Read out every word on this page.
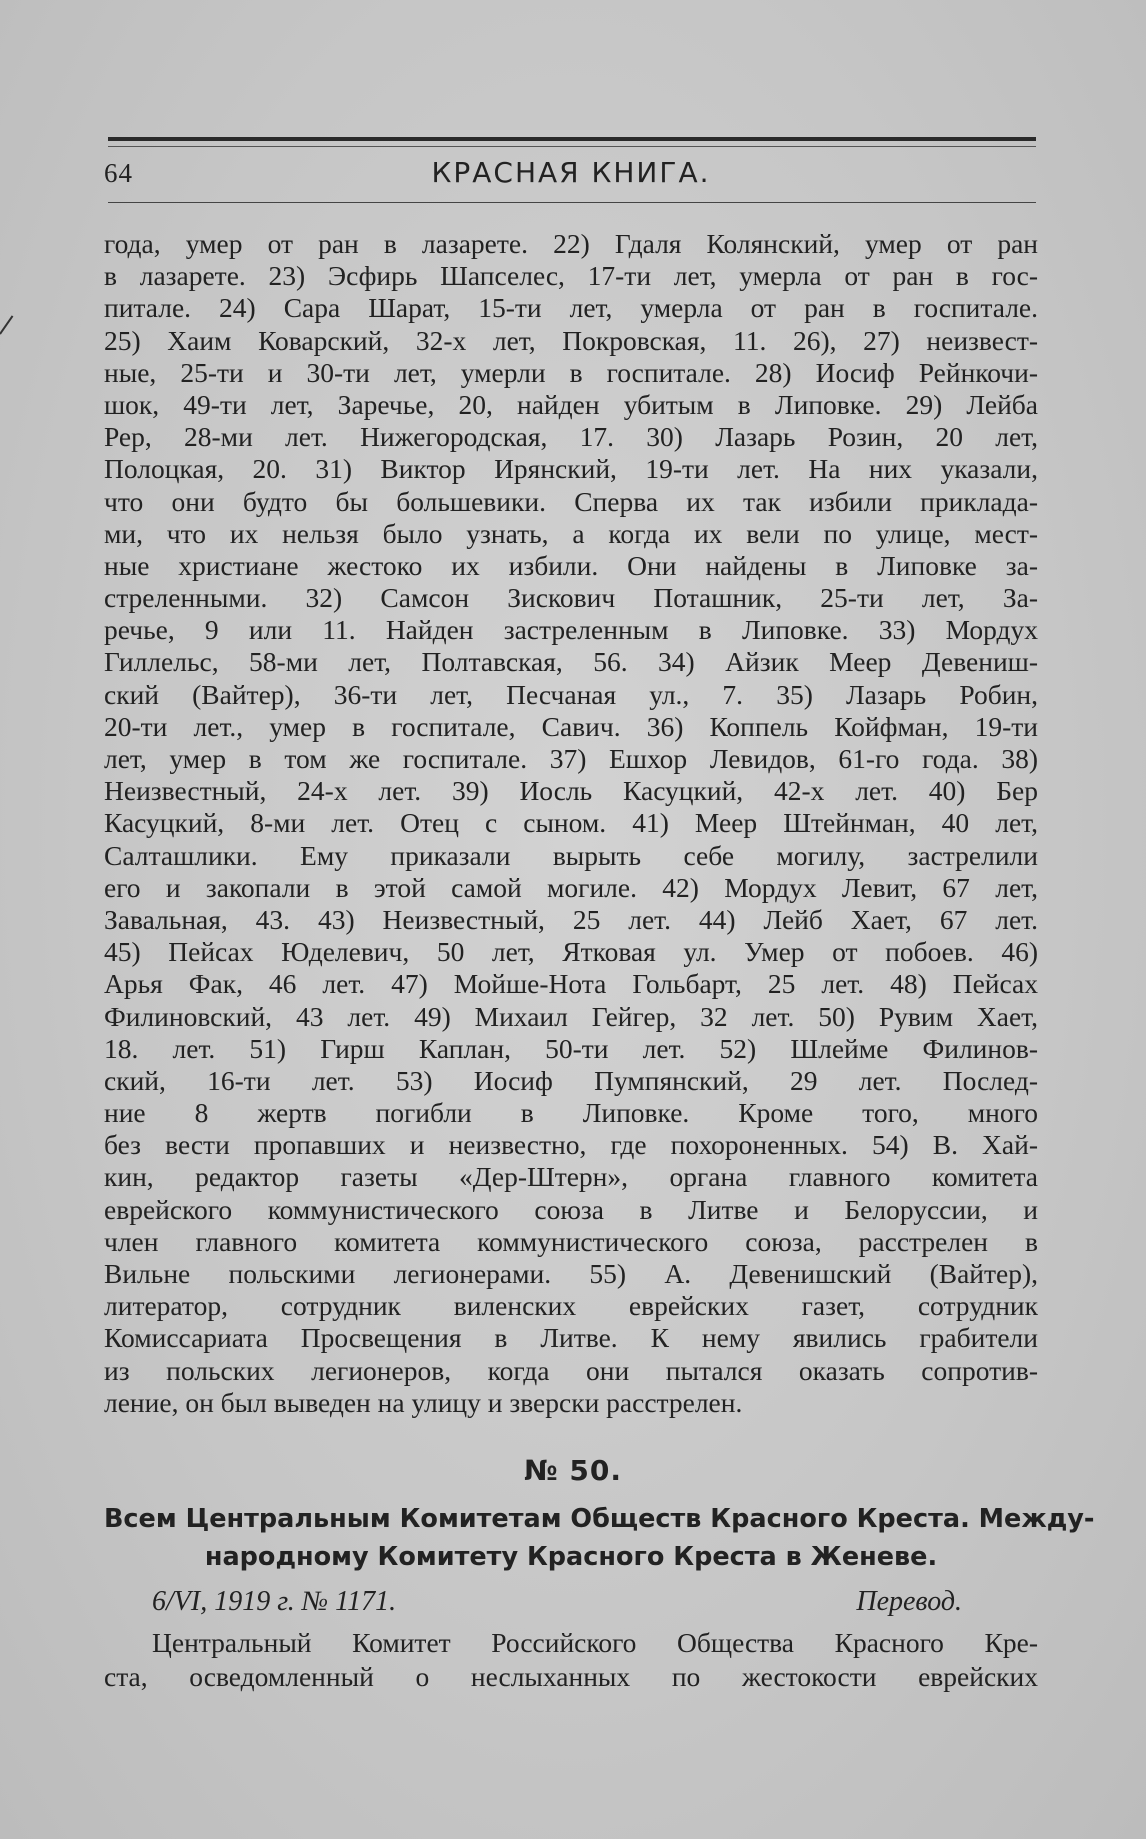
64	КРАСНАЯ КНИГА.
года, умер от ран в лазарете. 22) Гдаля Колянский, умер от ран
в лазарете. 23) Эсфирь Шапселес, 17-ти лет, умерла от ран в гос-
питале. 24) Сара Шарат, 15-ти лет, умерла от ран в госпитале.
25) Хаим Коварский, 32-х лет, Покровская, 11. 26), 27) неизвест-
ные, 25-ти и 30-ти лет, умерли в госпитале. 28) Иосиф Рейнкочи-
шок, 49-ти лет, Заречье, 20, найден убитым в Липовке. 29) Лейба
Рер, 28-ми лет. Нижегородская, 17. 30) Лазарь Розин, 20 лет,
Полоцкая, 20. 31) Виктор Ирянский, 19-ти лет. На них указали,
что они будто бы большевики. Сперва их так избили приклада-
ми, что их нельзя было узнать, а когда их вели по улице, мест-
ные христиане жестоко их избили. Они найдены в Липовке за-
стреленными. 32) Самсон Зискович Поташник, 25-ти лет, За-
речье, 9 или 11. Найден застреленным в Липовке. 33) Мордух
Гиллельс, 58-ми лет, Полтавская, 56. 34) Айзик Меер Девениш-
ский (Вайтер), 36-ти лет, Песчаная ул., 7. 35) Лазарь Робин,
20-ти лет., умер в госпитале, Савич. 36) Коппель Койфман, 19-ти
лет, умер в том же госпитале. 37) Ешхор Левидов, 61-го года. 38)
Неизвестный, 24-х лет. 39) Иосль Касуцкий, 42-х лет. 40) Бер
Касуцкий, 8-ми лет. Отец с сыном. 41) Меер Штейнман, 40 лет,
Салташлики. Ему приказали вырыть себе могилу, застрелили
его и закопали в этой самой могиле. 42) Мордух Левит, 67 лет,
Завальная, 43. 43) Неизвестный, 25 лет. 44) Лейб Хает, 67 лет.
45) Пейсах Юделевич, 50 лет, Ятковая ул. Умер от побоев. 46)
Арья Фак, 46 лет. 47) Мойше-Нота Гольбарт, 25 лет. 48) Пейсах
Филиновский, 43 лет. 49) Михаил Гейгер, 32 лет. 50) Рувим Хает,
18. лет. 51) Гирш Каплан, 50-ти лет. 52) Шлейме Филинов-
ский, 16-ти лет. 53) Иосиф Пумпянский, 29 лет. Послед-
ние 8 жертв погибли в Липовке. Кроме того, много
без вести пропавших и неизвестно, где похороненных. 54) В. Хай-
кин, редактор газеты «Дер-Штерн», органа главного комитета
еврейского коммунистического союза в Литве и Белоруссии, и
член главного комитета коммунистического союза, расстрелен в
Вильне польскими легионерами. 55) А. Девенишский (Вайтер),
литератор, сотрудник виленских еврейских газет, сотрудник
Комиссариата Просвещения в Литве. К нему явились грабители
из польских легионеров, когда они пытался оказать сопротив-
ление, он был выведен на улицу и зверски расстрелен.
№ 50.
Всем Центральным Комитетам Обществ Красного Креста. Между-
народному Комитету Красного Креста в Женеве.
6/VI, 1919 г. № 1171.	Перевод.
Центральный Комитет Российского Общества Красного Кре-
ста, осведомленный о неслыханных по жестокости еврейских
